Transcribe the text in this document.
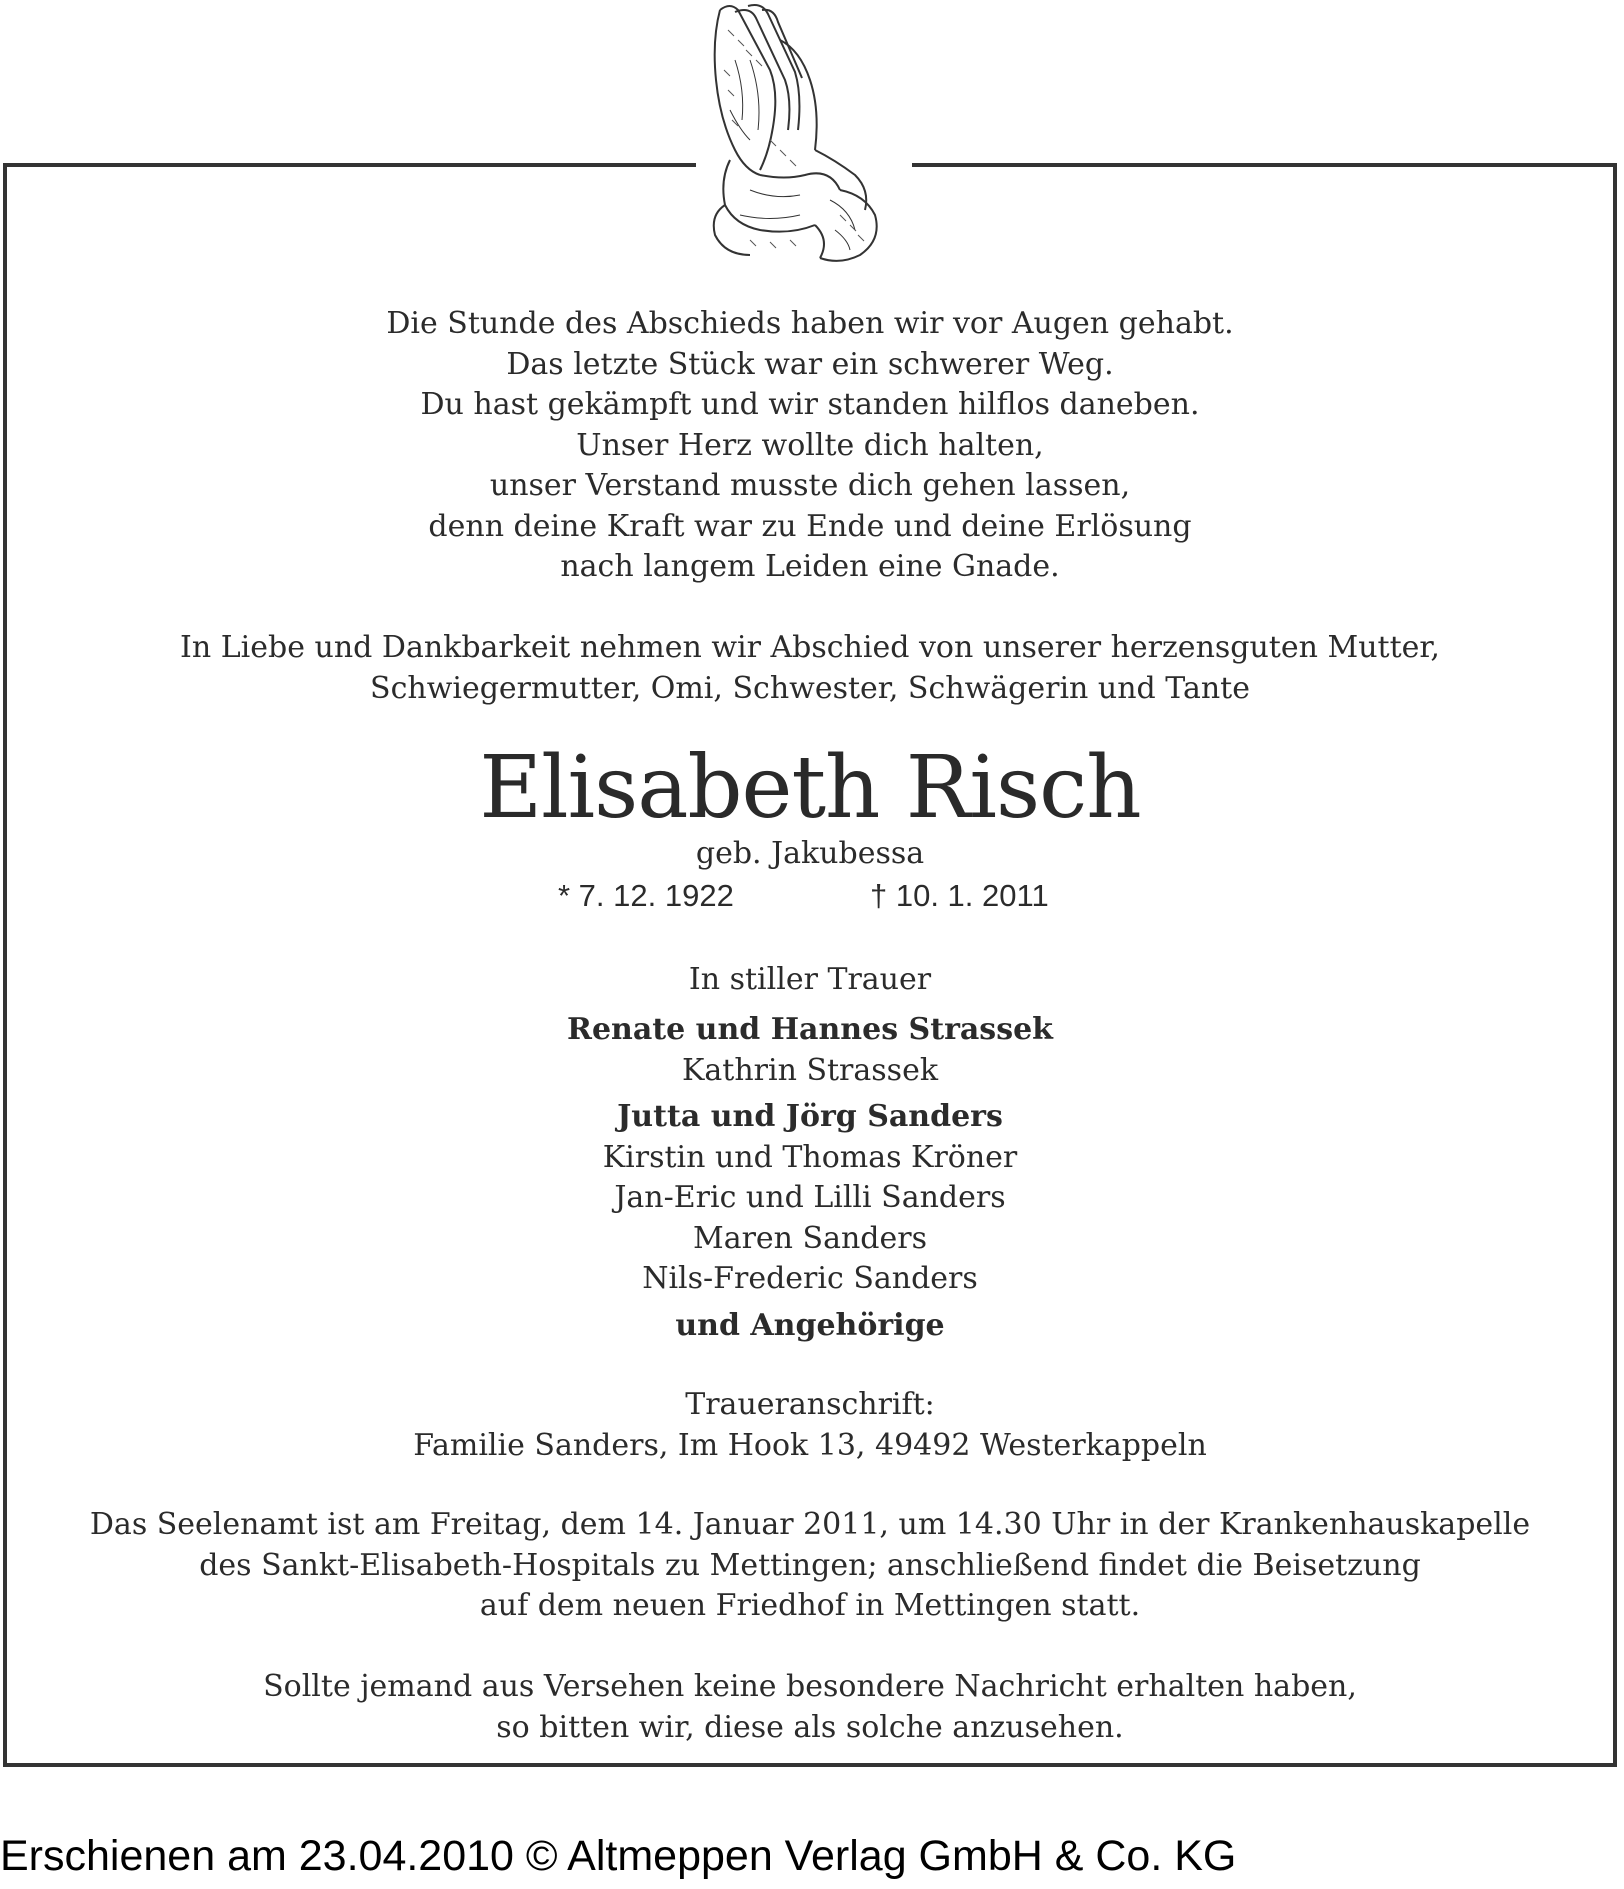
Die Stunde des Abschieds haben wir vor Augen gehabt.
Das letzte Stück war ein schwerer Weg.
Du hast gekämpft und wir standen hilflos daneben.
Unser Herz wollte dich halten,
unser Verstand musste dich gehen lassen,
denn deine Kraft war zu Ende und deine Erlösung
nach langem Leiden eine Gnade.
In Liebe und Dankbarkeit nehmen wir Abschied von unserer herzensguten Mutter,
Schwiegermutter, Omi, Schwester, Schwägerin und Tante
Elisabeth Risch
geb. Jakubessa
* 7. 12. 1922	† 10. 1. 2011
In stiller Trauer
Renate und Hannes Strassek
Kathrin Strassek
Jutta und Jörg Sanders
Kirstin und Thomas Kröner
Jan-Eric und Lilli Sanders
Maren Sanders
Nils-Frederic Sanders
und Angehörige
Traueranschrift:
Familie Sanders, Im Hook 13, 49492 Westerkappeln
Das Seelenamt ist am Freitag, dem 14. Januar 2011, um 14.30 Uhr in der Krankenhauskapelle
des Sankt-Elisabeth-Hospitals zu Mettingen; anschließend findet die Beisetzung
auf dem neuen Friedhof in Mettingen statt.
Sollte jemand aus Versehen keine besondere Nachricht erhalten haben,
so bitten wir, diese als solche anzusehen.
Erschienen am 23.04.2010 © Altmeppen Verlag GmbH & Co. KG
